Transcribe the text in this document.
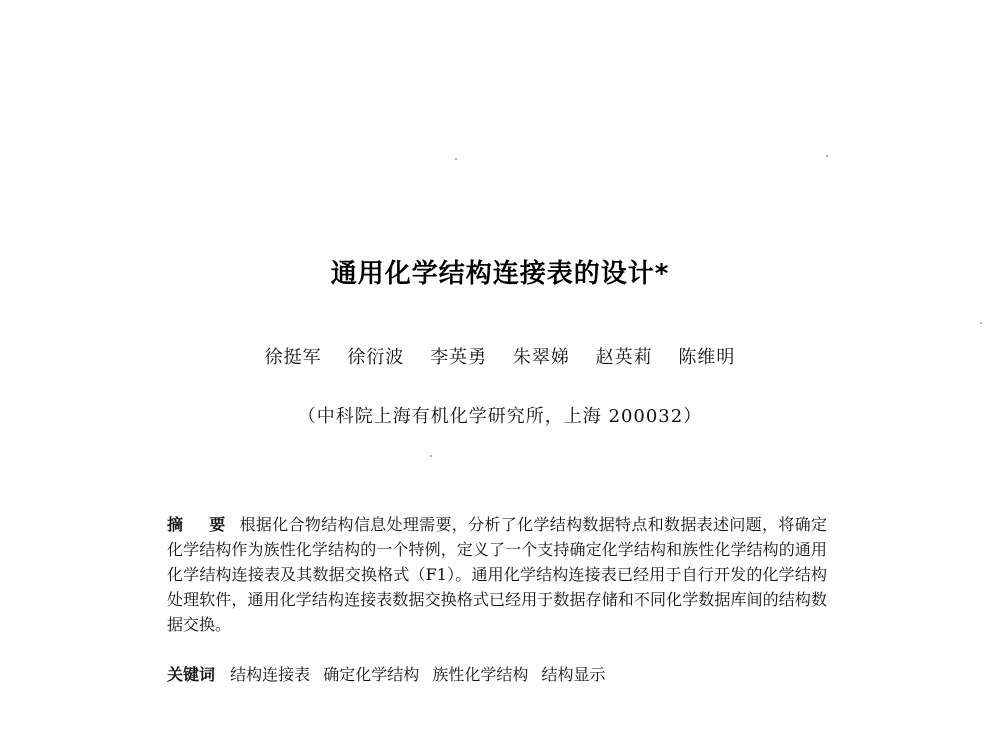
通用化学结构连接表的设计*
徐挺军 徐衍波 李英勇 朱翠娣 赵英莉 陈维明
（中科院上海有机化学研究所，上海 200032）
摘 要 根据化合物结构信息处理需要，分析了化学结构数据特点和数据表述问题，将确定化学结构作为族性化学结构的一个特例，定义了一个支持确定化学结构和族性化学结构的通用化学结构连接表及其数据交换格式（F1）。通用化学结构连接表已经用于自行开发的化学结构处理软件，通用化学结构连接表数据交换格式已经用于数据存储和不同化学数据库间的结构数据交换。
关键词 结构连接表 确定化学结构 族性化学结构 结构显示
